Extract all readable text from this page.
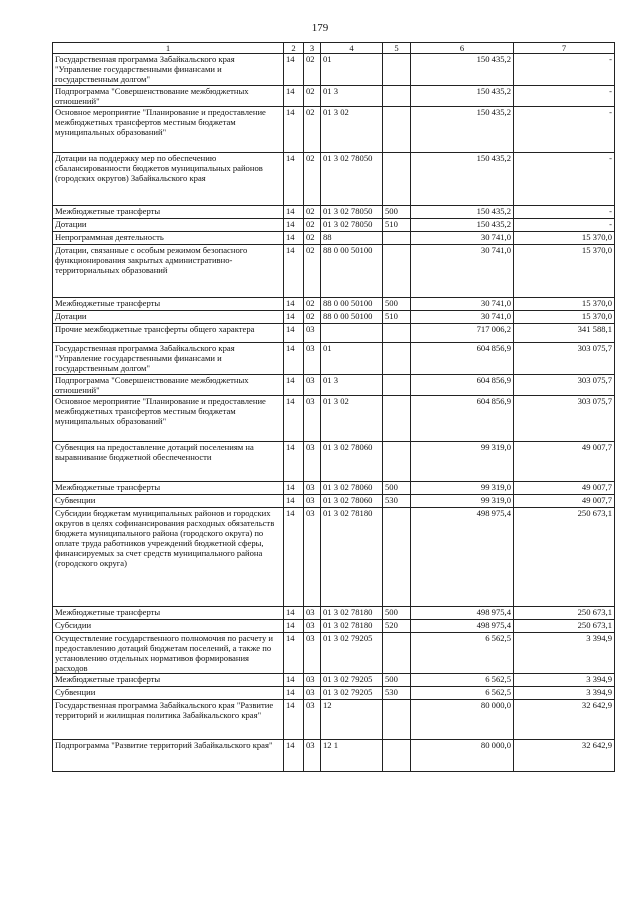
179
1	2	3	4	5	6	7
Государственная программа Забайкальского края "Управление государственными финансами и государственным долгом"	14	02	01		150 435,2	-
Подпрограмма "Совершенствование межбюджетных отношений"	14	02	01 3		150 435,2	-
Основное мероприятие "Планирование и предоставление межбюджетных трансфертов местным бюджетам муниципальных образований"	14	02	01 3 02		150 435,2	-
Дотации на поддержку мер по обеспечению сбалансированности бюджетов муниципальных районов (городских округов) Забайкальского края	14	02	01 3 02 78050		150 435,2	-
Межбюджетные трансферты	14	02	01 3 02 78050	500	150 435,2	-
Дотации	14	02	01 3 02 78050	510	150 435,2	-
Непрограммная деятельность	14	02	88		30 741,0	15 370,0
Дотации, связанные с особым режимом безопасного функционирования закрытых административно-территориальных образований	14	02	88 0 00 50100		30 741,0	15 370,0
Межбюджетные трансферты	14	02	88 0 00 50100	500	30 741,0	15 370,0
Дотации	14	02	88 0 00 50100	510	30 741,0	15 370,0
Прочие межбюджетные трансферты общего характера	14	03			717 006,2	341 588,1
Государственная программа Забайкальского края "Управление государственными финансами и государственным долгом"	14	03	01		604 856,9	303 075,7
Подпрограмма "Совершенствование межбюджетных отношений"	14	03	01 3		604 856,9	303 075,7
Основное мероприятие "Планирование и предоставление межбюджетных трансфертов местным бюджетам муниципальных образований"	14	03	01 3 02		604 856,9	303 075,7
Субвенция на предоставление дотаций поселениям на выравнивание бюджетной обеспеченности	14	03	01 3 02 78060		99 319,0	49 007,7
Межбюджетные трансферты	14	03	01 3 02 78060	500	99 319,0	49 007,7
Субвенции	14	03	01 3 02 78060	530	99 319,0	49 007,7
Субсидии бюджетам муниципальных районов и городских округов в целях софинансирования расходных обязательств бюджета муниципального района (городского округа) по оплате труда работников учреждений бюджетной сферы, финансируемых за счет средств муниципального района (городского округа)	14	03	01 3 02 78180		498 975,4	250 673,1
Межбюджетные трансферты	14	03	01 3 02 78180	500	498 975,4	250 673,1
Субсидии	14	03	01 3 02 78180	520	498 975,4	250 673,1
Осуществление государственного полномочия по расчету и предоставлению дотаций бюджетам поселений, а также по установлению отдельных нормативов формирования расходов	14	03	01 3 02 79205		6 562,5	3 394,9
Межбюджетные трансферты	14	03	01 3 02 79205	500	6 562,5	3 394,9
Субвенции	14	03	01 3 02 79205	530	6 562,5	3 394,9
Государственная программа Забайкальского края "Развитие территорий и жилищная политика Забайкальского края"	14	03	12		80 000,0	32 642,9
Подпрограмма "Развитие территорий Забайкальского края"	14	03	12 1		80 000,0	32 642,9
